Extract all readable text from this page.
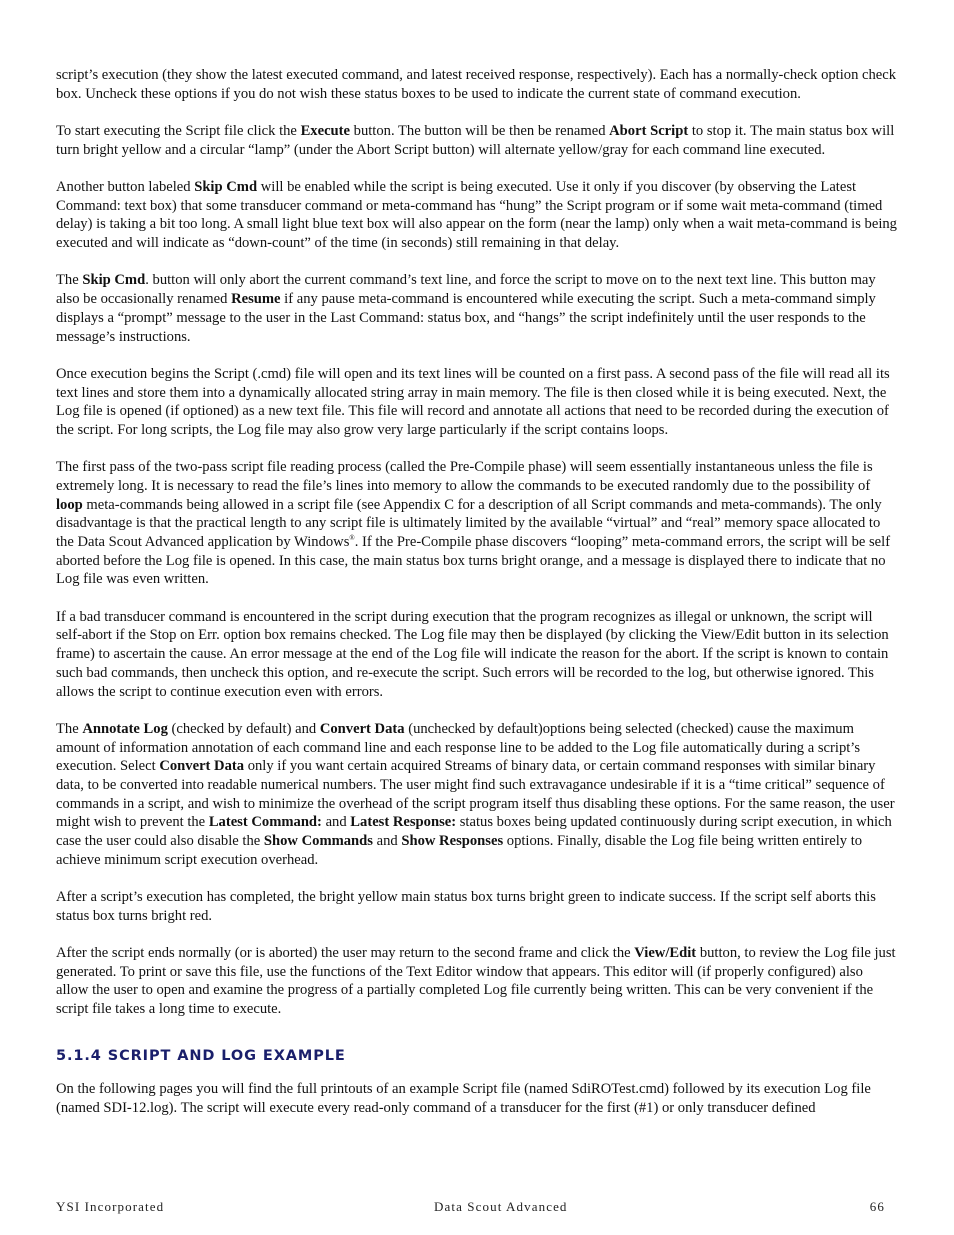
script’s execution (they show the latest executed command, and latest received response, respectively). Each has a normally-check option check box. Uncheck these options if you do not wish these status boxes to be used to indicate the current state of command execution.

To start executing the Script file click the Execute button. The button will be then be renamed Abort Script to stop it. The main status box will turn bright yellow and a circular “lamp” (under the Abort Script button) will alternate yellow/gray for each command line executed.

Another button labeled Skip Cmd will be enabled while the script is being executed. Use it only if you discover (by observing the Latest Command: text box) that some transducer command or meta-command has “hung” the Script program or if some wait meta-command (timed delay) is taking a bit too long. A small light blue text box will also appear on the form (near the lamp) only when a wait meta-command is being executed and will indicate as “down-count” of the time (in seconds) still remaining in that delay.

The Skip Cmd. button will only abort the current command’s text line, and force the script to move on to the next text line. This button may also be occasionally renamed Resume if any pause meta-command is encountered while executing the script. Such a meta-command simply displays a “prompt” message to the user in the Last Command: status box, and “hangs” the script indefinitely until the user responds to the message’s instructions.

Once execution begins the Script (.cmd) file will open and its text lines will be counted on a first pass. A second pass of the file will read all its text lines and store them into a dynamically allocated string array in main memory. The file is then closed while it is being executed. Next, the Log file is opened (if optioned) as a new text file. This file will record and annotate all actions that need to be recorded during the execution of the script. For long scripts, the Log file may also grow very large particularly if the script contains loops.

The first pass of the two-pass script file reading process (called the Pre-Compile phase) will seem essentially instantaneous unless the file is extremely long. It is necessary to read the file’s lines into memory to allow the commands to be executed randomly due to the possibility of loop meta-commands being allowed in a script file (see Appendix C for a description of all Script commands and meta-commands). The only disadvantage is that the practical length to any script file is ultimately limited by the available “virtual” and “real” memory space allocated to the Data Scout Advanced application by Windows®. If the Pre-Compile phase discovers “looping” meta-command errors, the script will be self aborted before the Log file is opened. In this case, the main status box turns bright orange, and a message is displayed there to indicate that no Log file was even written.

If a bad transducer command is encountered in the script during execution that the program recognizes as illegal or unknown, the script will self-abort if the Stop on Err. option box remains checked. The Log file may then be displayed (by clicking the View/Edit button in its selection frame) to ascertain the cause. An error message at the end of the Log file will indicate the reason for the abort. If the script is known to contain such bad commands, then uncheck this option, and re-execute the script. Such errors will be recorded to the log, but otherwise ignored. This allows the script to continue execution even with errors.

The Annotate Log (checked by default) and Convert Data (unchecked by default)options being selected (checked) cause the maximum amount of information annotation of each command line and each response line to be added to the Log file automatically during a script’s execution. Select Convert Data only if you want certain acquired Streams of binary data, or certain command responses with similar binary data, to be converted into readable numerical numbers. The user might find such extravagance undesirable if it is a “time critical” sequence of commands in a script, and wish to minimize the overhead of the script program itself thus disabling these options. For the same reason, the user might wish to prevent the Latest Command: and Latest Response: status boxes being updated continuously during script execution, in which case the user could also disable the Show Commands and Show Responses options. Finally, disable the Log file being written entirely to achieve minimum script execution overhead.

After a script’s execution has completed, the bright yellow main status box turns bright green to indicate success. If the script self aborts this status box turns bright red.

After the script ends normally (or is aborted) the user may return to the second frame and click the View/Edit button, to review the Log file just generated. To print or save this file, use the functions of the Text Editor window that appears. This editor will (if properly configured) also allow the user to open and examine the progress of a partially completed Log file currently being written. This can be very convenient if the script file takes a long time to execute.

5.1.4 SCRIPT AND LOG EXAMPLE

On the following pages you will find the full printouts of an example Script file (named SdiROTest.cmd) followed by its execution Log file (named SDI-12.log). The script will execute every read-only command of a transducer for the first (#1) or only transducer defined

YSI Incorporated	Data Scout Advanced	66
